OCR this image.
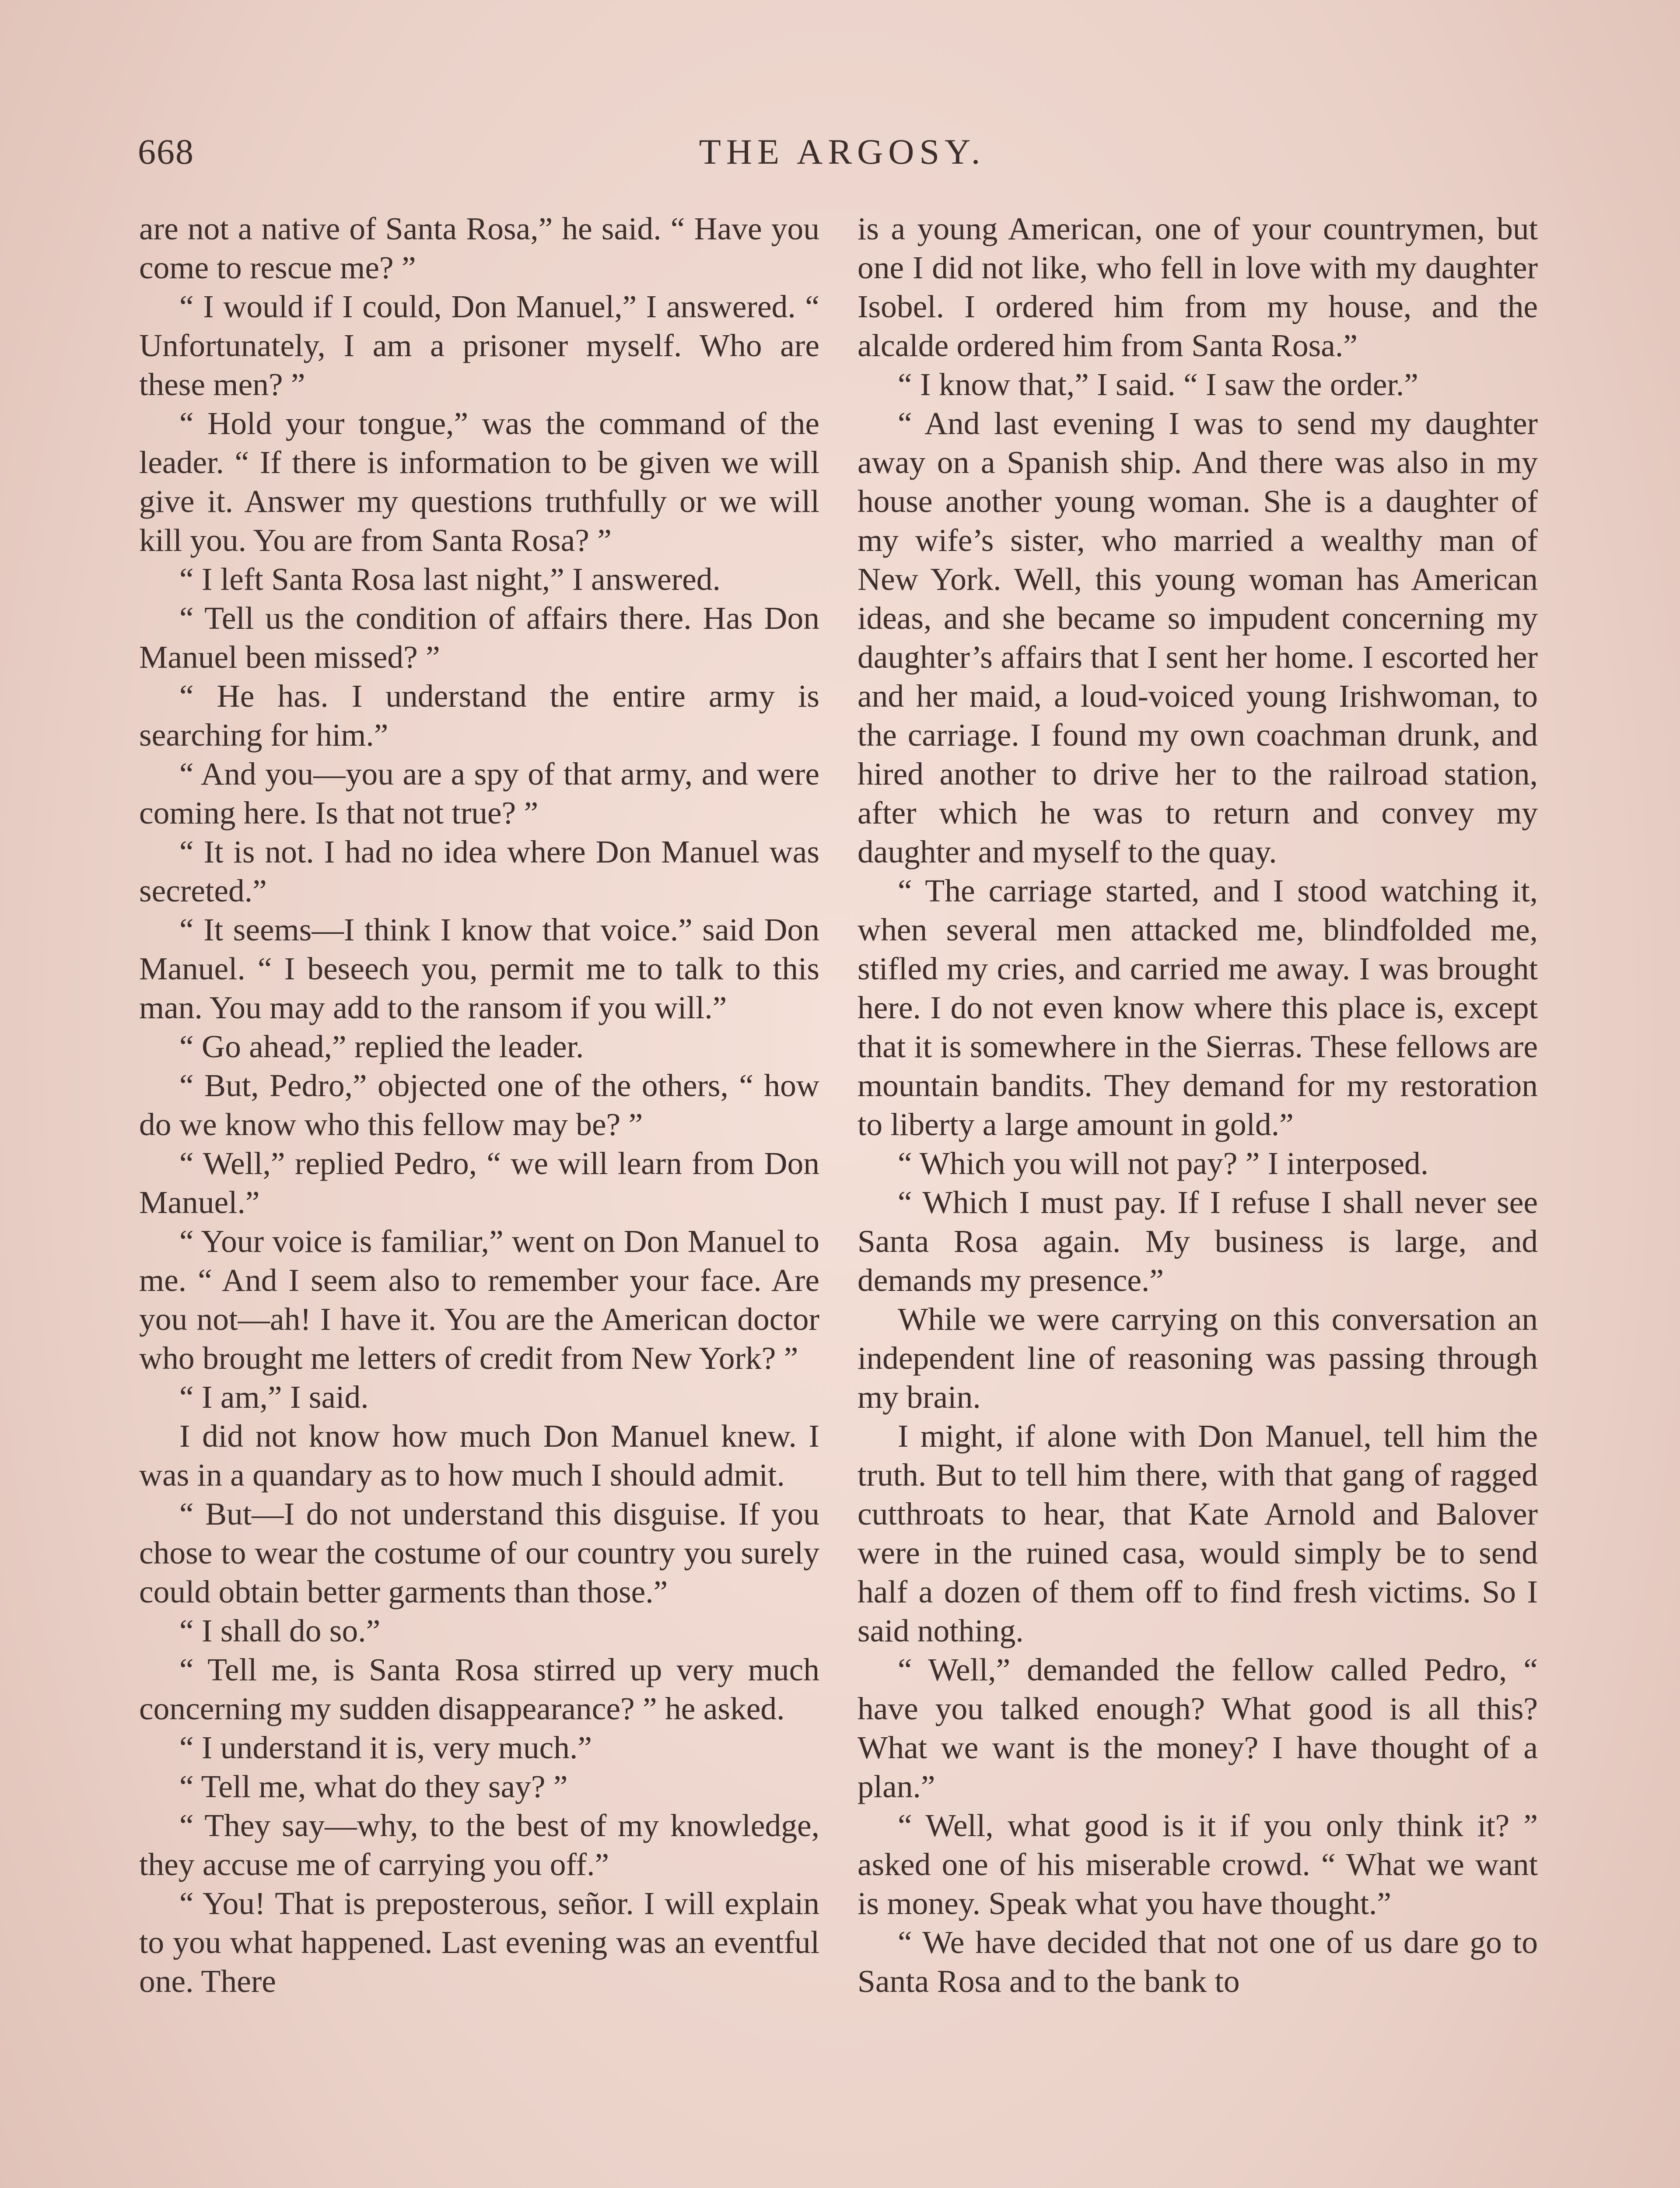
668	THE ARGOSY.

are not a native of Santa Rosa,” he said. “ Have you come to rescue me? ”

“ I would if I could, Don Manuel,” I answered. “ Unfortunately, I am a prisoner myself. Who are these men? ”

“ Hold your tongue,” was the command of the leader. “ If there is information to be given we will give it. Answer my questions truthfully or we will kill you. You are from Santa Rosa? ”

“ I left Santa Rosa last night,” I answered.

“ Tell us the condition of affairs there. Has Don Manuel been missed? ”

“ He has. I understand the entire army is searching for him.”

“ And you—you are a spy of that army, and were coming here. Is that not true? ”

“ It is not. I had no idea where Don Manuel was secreted.”

“ It seems—I think I know that voice.” said Don Manuel. “ I beseech you, permit me to talk to this man. You may add to the ransom if you will.”

“ Go ahead,” replied the leader.

“ But, Pedro,” objected one of the others, “ how do we know who this fellow may be? ”

“ Well,” replied Pedro, “ we will learn from Don Manuel.”

“ Your voice is familiar,” went on Don Manuel to me. “ And I seem also to remember your face. Are you not—ah! I have it. You are the American doctor who brought me letters of credit from New York? ”

“ I am,” I said.

I did not know how much Don Manuel knew. I was in a quandary as to how much I should admit.

“ But—I do not understand this disguise. If you chose to wear the costume of our country you surely could obtain better garments than those.”

“ I shall do so.”

“ Tell me, is Santa Rosa stirred up very much concerning my sudden disappearance? ” he asked.

“ I understand it is, very much.”

“ Tell me, what do they say? ”

“ They say—why, to the best of my knowledge, they accuse me of carrying you off.”

“ You! That is preposterous, señor. I will explain to you what happened. Last evening was an eventful one. There

is a young American, one of your countrymen, but one I did not like, who fell in love with my daughter Isobel. I ordered him from my house, and the alcalde ordered him from Santa Rosa.”

“ I know that,” I said. “ I saw the order.”

“ And last evening I was to send my daughter away on a Spanish ship. And there was also in my house another young woman. She is a daughter of my wife’s sister, who married a wealthy man of New York. Well, this young woman has American ideas, and she became so impudent concerning my daughter’s affairs that I sent her home. I escorted her and her maid, a loud-voiced young Irishwoman, to the carriage. I found my own coachman drunk, and hired another to drive her to the railroad station, after which he was to return and convey my daughter and myself to the quay.

“ The carriage started, and I stood watching it, when several men attacked me, blindfolded me, stifled my cries, and carried me away. I was brought here. I do not even know where this place is, except that it is somewhere in the Sierras. These fellows are mountain bandits. They demand for my restoration to liberty a large amount in gold.”

“ Which you will not pay? ” I interposed.

“ Which I must pay. If I refuse I shall never see Santa Rosa again. My business is large, and demands my presence.”

While we were carrying on this conversation an independent line of reasoning was passing through my brain.

I might, if alone with Don Manuel, tell him the truth. But to tell him there, with that gang of ragged cutthroats to hear, that Kate Arnold and Balover were in the ruined casa, would simply be to send half a dozen of them off to find fresh victims. So I said nothing.

“ Well,” demanded the fellow called Pedro, “ have you talked enough? What good is all this? What we want is the money? I have thought of a plan.”

“ Well, what good is it if you only think it? ” asked one of his miserable crowd. “ What we want is money. Speak what you have thought.”

“ We have decided that not one of us dare go to Santa Rosa and to the bank to
